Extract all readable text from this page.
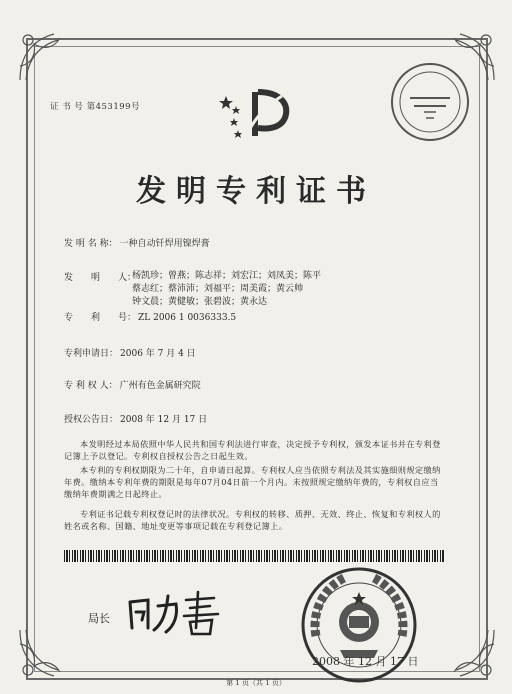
证 书 号 第453199号
发明专利证书
发 明 名 称： 一种自动钎焊用镍焊膏
发　　明　　人：
杨凯珍；曾燕；陈志祥；刘宏江；刘凤美；陈平
蔡志红；蔡沛沛；刘福平；周美霞；黄云帅
钟文晨；黄健敏；张碧波；黄永达
专　　利　　号： ZL 2006 1 0036333.5
专利申请日： 2006 年 7 月 4 日
专 利 权 人： 广州有色金属研究院
授权公告日： 2008 年 12 月 17 日
本发明经过本局依照中华人民共和国专利法进行审查，决定授予专利权，颁发本证书并在专利登记簿上予以登记。专利权自授权公告之日起生效。
本专利的专利权期限为二十年，自申请日起算。专利权人应当依照专利法及其实施细则规定缴纳年费。缴纳本专利年费的期限是每年07月04日前一个月内。未按照规定缴纳年费的，专利权自应当缴纳年费期满之日起终止。
专利证书记载专利权登记时的法律状况。专利权的转移、质押、无效、终止、恢复和专利权人的姓名或名称、国籍、地址变更等事项记载在专利登记簿上。
局长
2008 年 12 月 17 日
第 1 页（共 1 页）
